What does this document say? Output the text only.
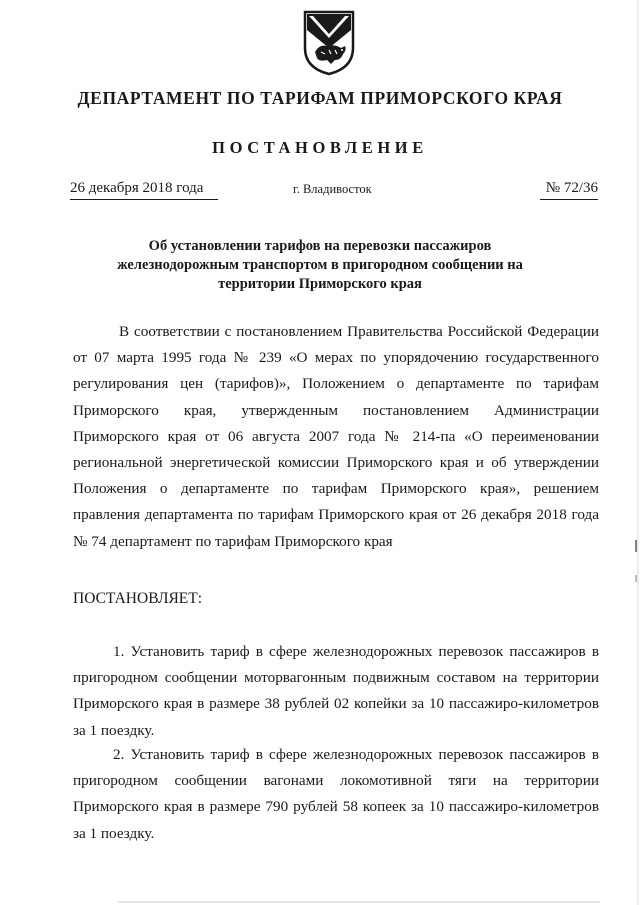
ДЕПАРТАМЕНТ ПО ТАРИФАМ ПРИМОРСКОГО КРАЯ
ПОСТАНОВЛЕНИЕ
26 декабря 2018 года	г. Владивосток	№ 72/36

Об установлении тарифов на перевозки пассажиров железнодорожным транспортом в пригородном сообщении на территории Приморского края

В соответствии с постановлением Правительства Российской Федерации от 07 марта 1995 года № 239 «О мерах по упорядочению государственного регулирования цен (тарифов)», Положением о департаменте по тарифам Приморского края, утвержденным постановлением Администрации Приморского края от 06 августа 2007 года № 214-па «О переименовании региональной энергетической комиссии Приморского края и об утверждении Положения о департаменте по тарифам Приморского края», решением правления департамента по тарифам Приморского края от 26 декабря 2018 года № 74 департамент по тарифам Приморского края

ПОСТАНОВЛЯЕТ:

1. Установить тариф в сфере железнодорожных перевозок пассажиров в пригородном сообщении моторвагонным подвижным составом на территории Приморского края в размере 38 рублей 02 копейки за 10 пассажиро-километров за 1 поездку.

2. Установить тариф в сфере железнодорожных перевозок пассажиров в пригородном сообщении вагонами локомотивной тяги на территории Приморского края в размере 790 рублей 58 копеек за 10 пассажиро-километров за 1 поездку.
